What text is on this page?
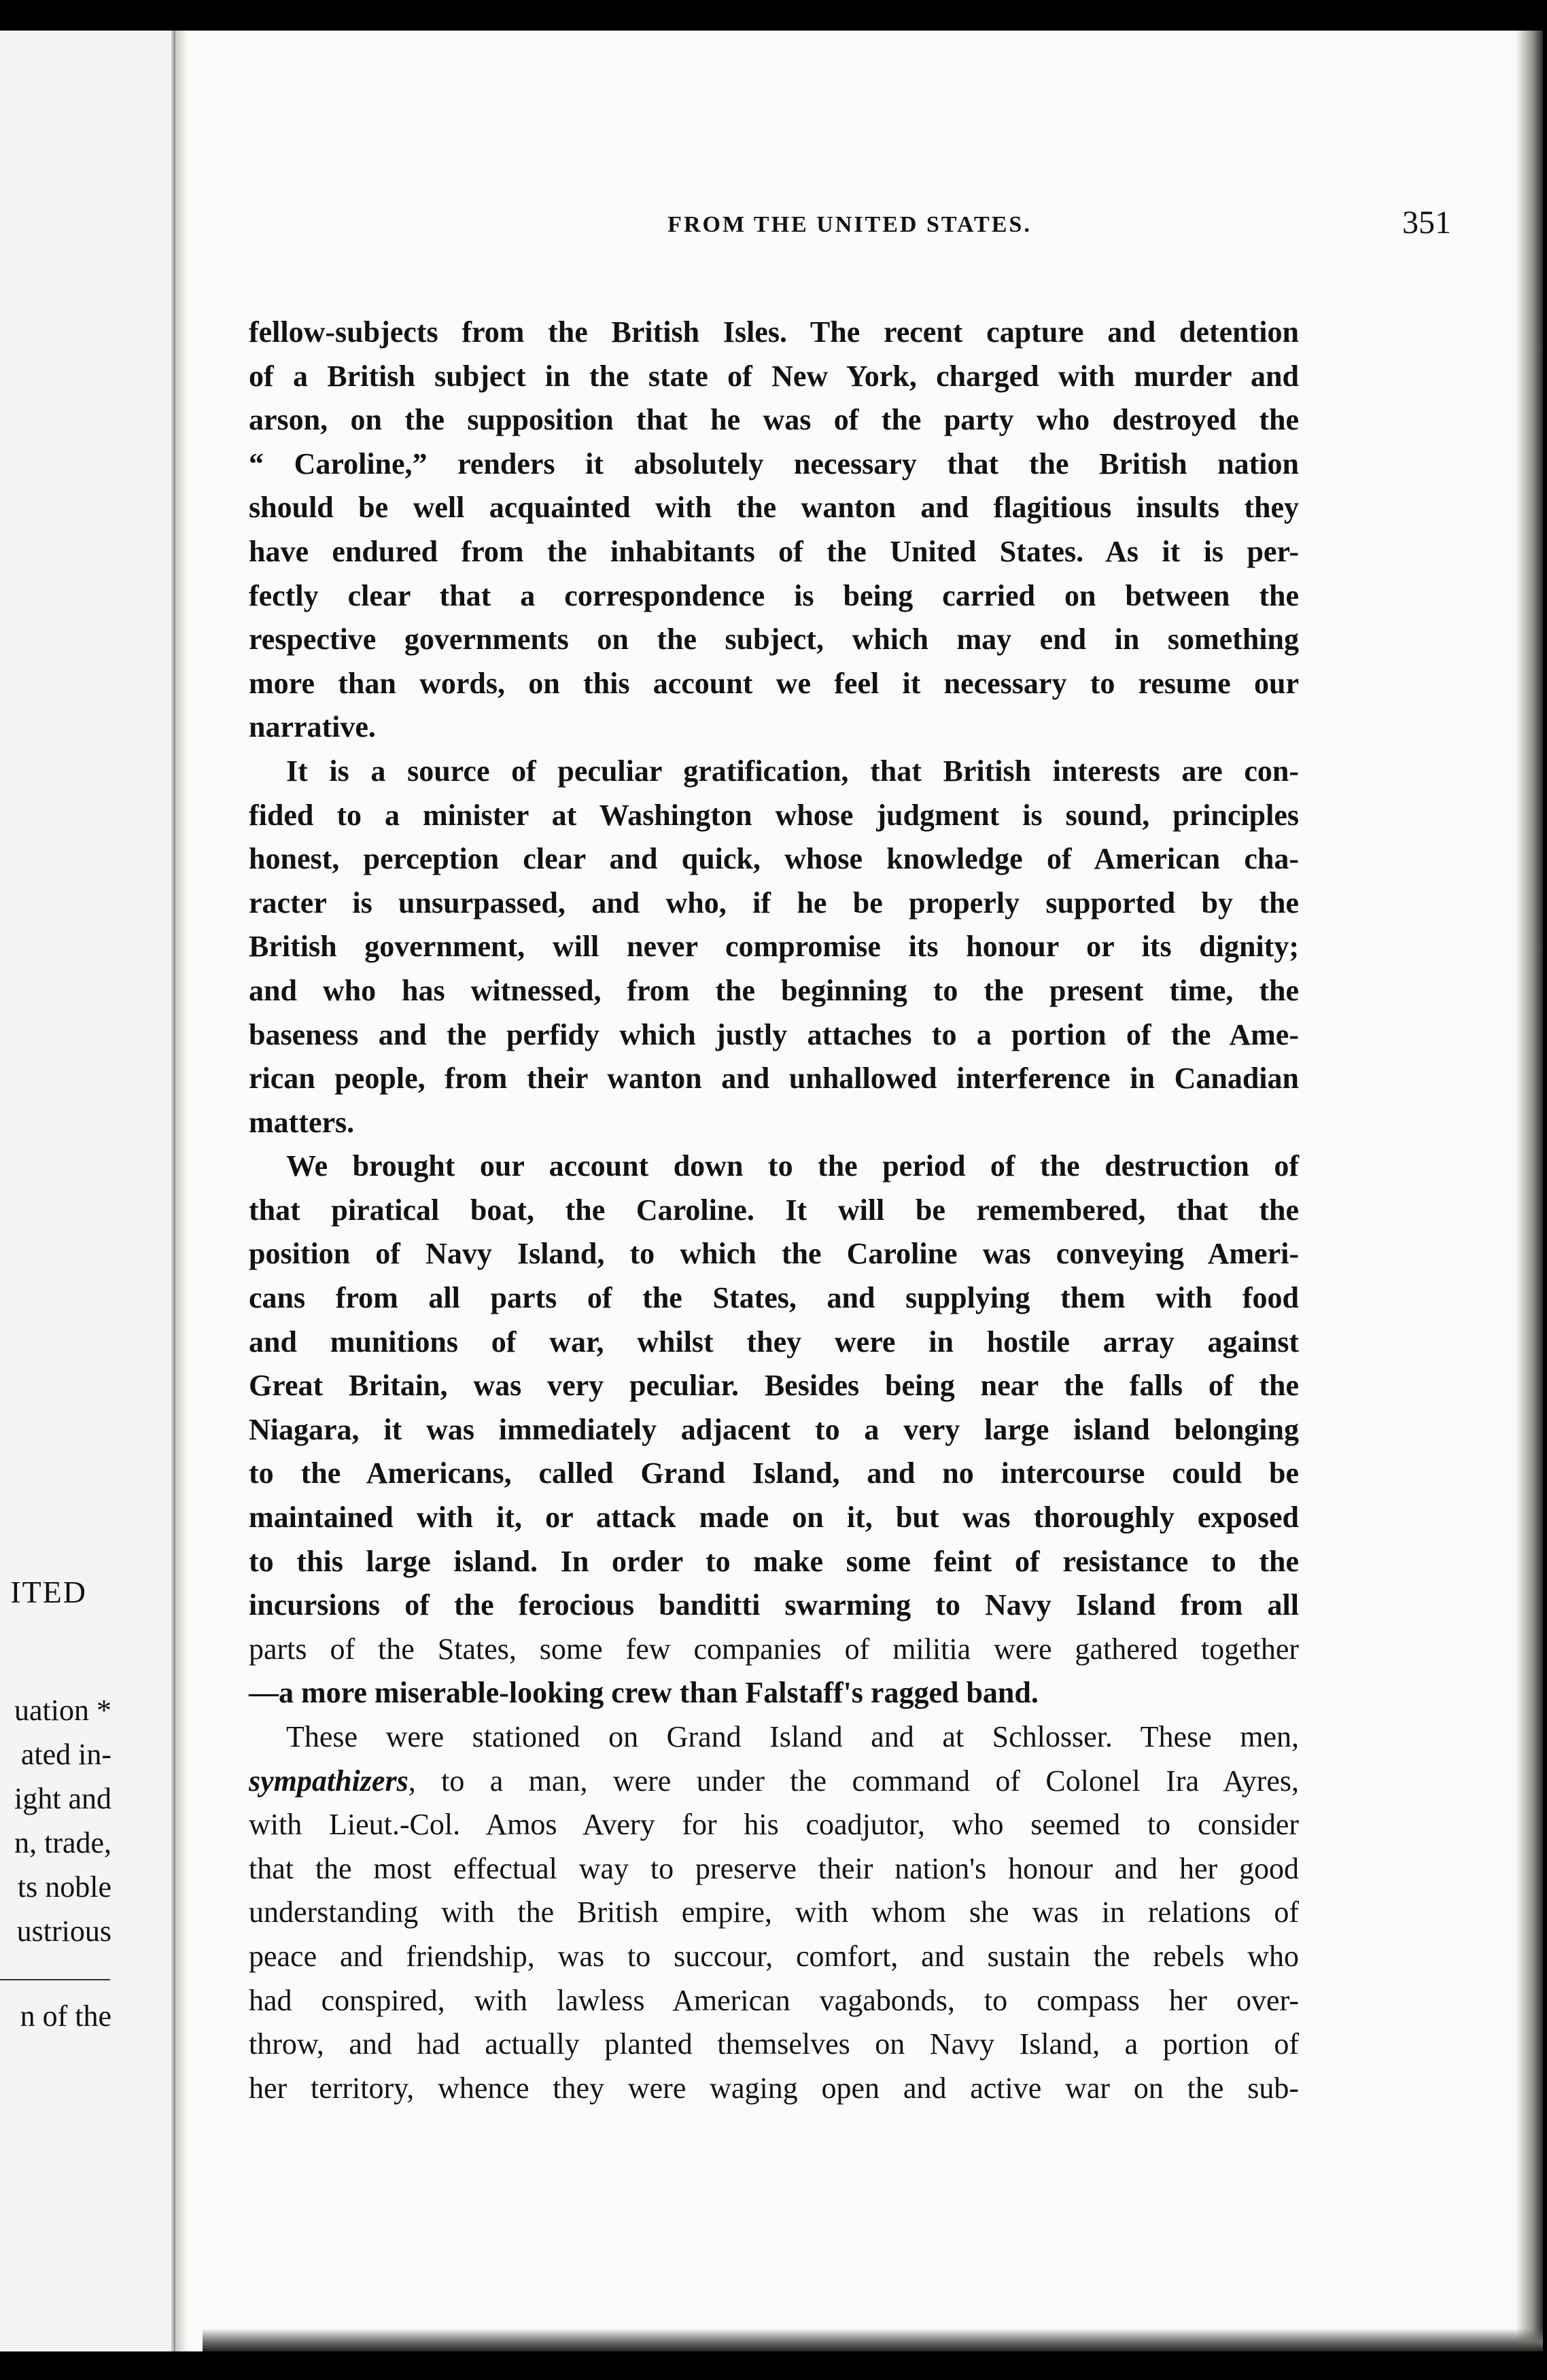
ITED
uation *
ated in-
ight and
n, trade,
ts noble
ustrious
n of the
FROM THE UNITED STATES.	351
fellow-subjects from the British Isles. The recent capture and detention
of a British subject in the state of New York, charged with murder and
arson, on the supposition that he was of the party who destroyed the
“ Caroline,” renders it absolutely necessary that the British nation
should be well acquainted with the wanton and flagitious insults they
have endured from the inhabitants of the United States. As it is per-
fectly clear that a correspondence is being carried on between the
respective governments on the subject, which may end in something
more than words, on this account we feel it necessary to resume our
narrative.
It is a source of peculiar gratification, that British interests are con-
fided to a minister at Washington whose judgment is sound, principles
honest, perception clear and quick, whose knowledge of American cha-
racter is unsurpassed, and who, if he be properly supported by the
British government, will never compromise its honour or its dignity;
and who has witnessed, from the beginning to the present time, the
baseness and the perfidy which justly attaches to a portion of the Ame-
rican people, from their wanton and unhallowed interference in Canadian
matters.
We brought our account down to the period of the destruction of
that piratical boat, the Caroline. It will be remembered, that the
position of Navy Island, to which the Caroline was conveying Ameri-
cans from all parts of the States, and supplying them with food
and munitions of war, whilst they were in hostile array against
Great Britain, was very peculiar. Besides being near the falls of the
Niagara, it was immediately adjacent to a very large island belonging
to the Americans, called Grand Island, and no intercourse could be
maintained with it, or attack made on it, but was thoroughly exposed
to this large island. In order to make some feint of resistance to the
incursions of the ferocious banditti swarming to Navy Island from all
parts of the States, some few companies of militia were gathered together
—a more miserable-looking crew than Falstaff's ragged band.
These were stationed on Grand Island and at Schlosser. These men,
sympathizers, to a man, were under the command of Colonel Ira Ayres,
with Lieut.-Col. Amos Avery for his coadjutor, who seemed to consider
that the most effectual way to preserve their nation's honour and her good
understanding with the British empire, with whom she was in relations of
peace and friendship, was to succour, comfort, and sustain the rebels who
had conspired, with lawless American vagabonds, to compass her over-
throw, and had actually planted themselves on Navy Island, a portion of
her territory, whence they were waging open and active war on the sub-
